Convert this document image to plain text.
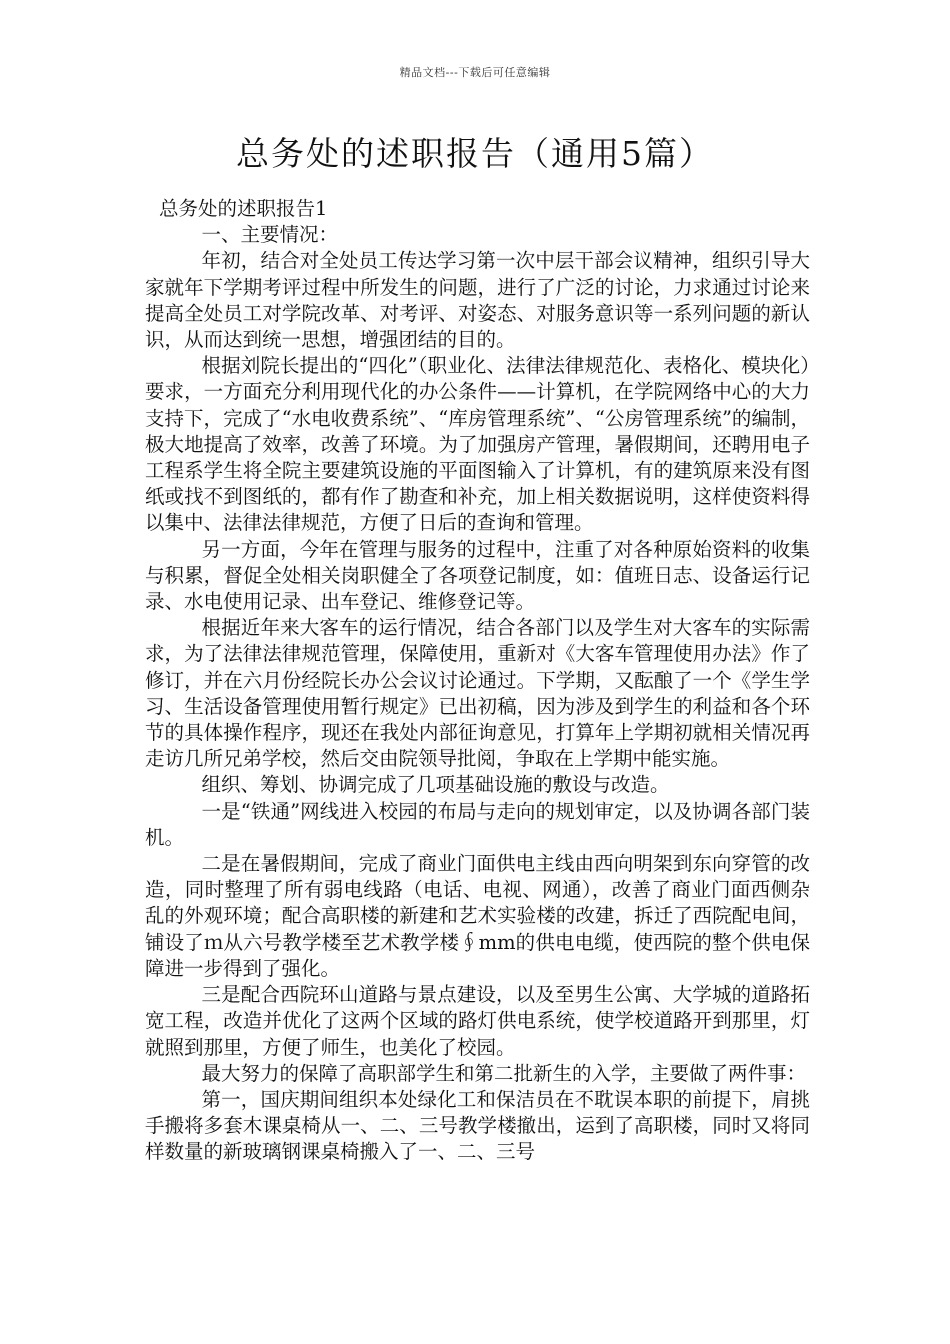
精品文档---下载后可任意编辑
总务处的述职报告（通用5篇）

总务处的述职报告1

一、主要情况：

年初，结合对全处员工传达学习第一次中层干部会议精神，组织引导大家就年下学期考评过程中所发生的问题，进行了广泛的讨论，力求通过讨论来提高全处员工对学院改革、对考评、对姿态、对服务意识等一系列问题的新认识，从而达到统一思想，增强团结的目的。

根据刘院长提出的“四化”（职业化、法律法律规范化、表格化、模块化）要求，一方面充分利用现代化的办公条件——计算机，在学院网络中心的大力支持下，完成了“水电收费系统”、“库房管理系统”、“公房管理系统”的编制，极大地提高了效率，改善了环境。为了加强房产管理，暑假期间，还聘用电子工程系学生将全院主要建筑设施的平面图输入了计算机，有的建筑原来没有图纸或找不到图纸的，都有作了勘查和补充，加上相关数据说明，这样使资料得以集中、法律法律规范，方便了日后的查询和管理。

另一方面，今年在管理与服务的过程中，注重了对各种原始资料的收集与积累，督促全处相关岗职健全了各项登记制度，如：值班日志、设备运行记录、水电使用记录、出车登记、维修登记等。

根据近年来大客车的运行情况，结合各部门以及学生对大客车的实际需求，为了法律法律规范管理，保障使用，重新对《大客车管理使用办法》作了修订，并在六月份经院长办公会议讨论通过。下学期，又酝酿了一个《学生学习、生活设备管理使用暂行规定》已出初稿，因为涉及到学生的利益和各个环节的具体操作程序，现还在我处内部征询意见，打算年上学期初就相关情况再走访几所兄弟学校，然后交由院领导批阅，争取在上学期中能实施。

组织、筹划、协调完成了几项基础设施的敷设与改造。

一是“铁通”网线进入校园的布局与走向的规划审定，以及协调各部门装机。

二是在暑假期间，完成了商业门面供电主线由西向明架到东向穿管的改造，同时整理了所有弱电线路（电话、电视、网通），改善了商业门面西侧杂乱的外观环境；配合高职楼的新建和艺术实验楼的改建，拆迁了西院配电间，铺设了ｍ从六号教学楼至艺术教学楼∮mm的供电电缆，使西院的整个供电保障进一步得到了强化。

三是配合西院环山道路与景点建设，以及至男生公寓、大学城的道路拓宽工程，改造并优化了这两个区域的路灯供电系统，使学校道路开到那里，灯就照到那里，方便了师生，也美化了校园。

最大努力的保障了高职部学生和第二批新生的入学，主要做了两件事：

第一，国庆期间组织本处绿化工和保洁员在不耽误本职的前提下，肩挑手搬将多套木课桌椅从一、二、三号教学楼撤出，运到了高职楼，同时又将同样数量的新玻璃钢课桌椅搬入了一、二、三号
